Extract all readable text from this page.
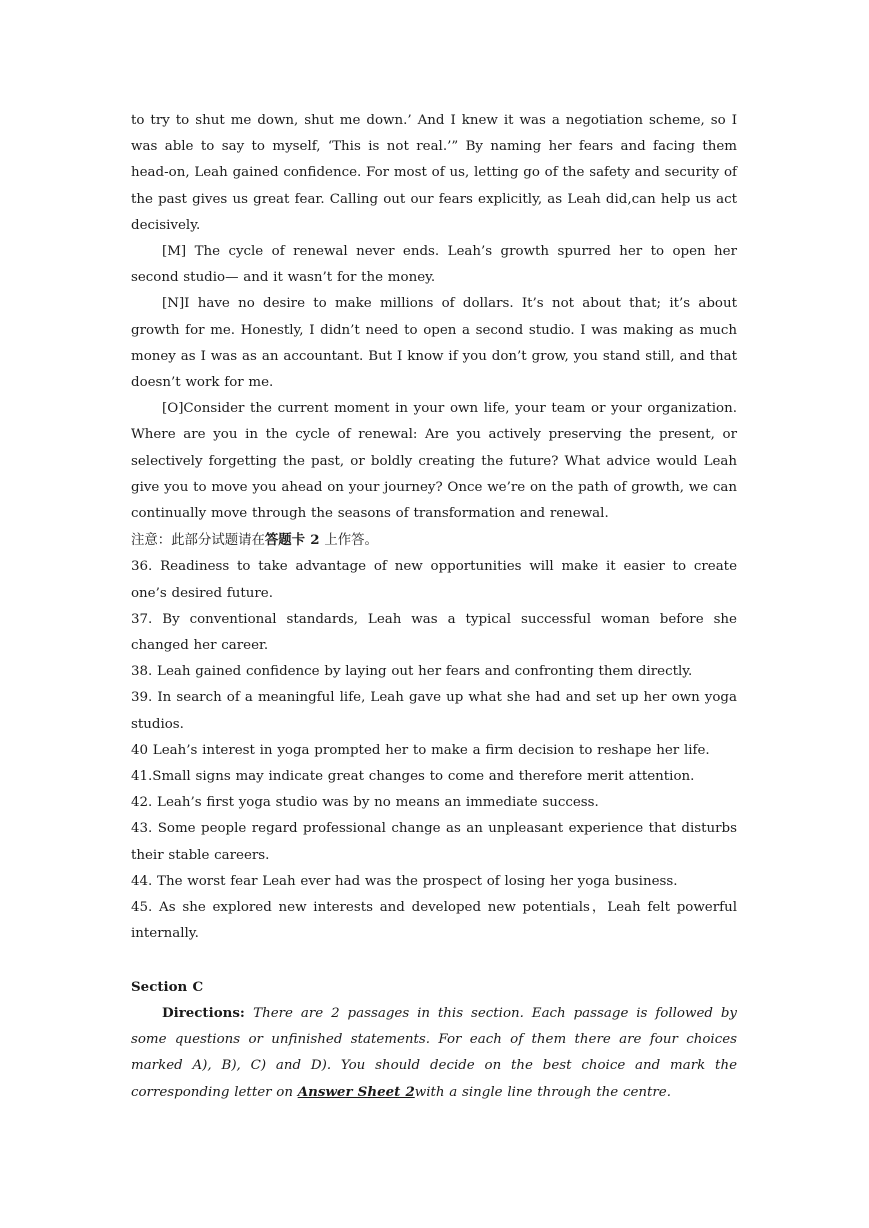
to try to shut me down, shut me down.’ And I knew it was a negotiation scheme, so I was able to say to myself, ‘This is not real.’” By naming her fears and facing them head-on, Leah gained confidence. For most of us, letting go of the safety and security of the past gives us great fear. Calling out our fears explicitly, as Leah did,can help us act decisively.

[M] The cycle of renewal never ends. Leah’s growth spurred her to open her second studio— and it wasn’t for the money.

[N]I have no desire to make millions of dollars. It’s not about that; it’s about growth for me. Honestly, I didn’t need to open a second studio. I was making as much money as I was as an accountant. But I know if you don’t grow, you stand still, and that doesn’t work for me.

[O]Consider the current moment in your own life, your team or your organization. Where are you in the cycle of renewal: Are you actively preserving the present, or selectively forgetting the past, or boldly creating the future? What advice would Leah give you to move you ahead on your journey? Once we’re on the path of growth, we can continually move through the seasons of transformation and renewal.

注意：此部分试题请在答题卡 2 上作答。

36. Readiness to take advantage of new opportunities will make it easier to create one’s desired future.

37. By conventional standards, Leah was a typical successful woman before she changed her career.

38. Leah gained confidence by laying out her fears and confronting them directly.

39. In search of a meaningful life, Leah gave up what she had and set up her own yoga studios.

40 Leah’s interest in yoga prompted her to make a firm decision to reshape her life.

41.Small signs may indicate great changes to come and therefore merit attention.

42. Leah’s first yoga studio was by no means an immediate success.

43. Some people regard professional change as an unpleasant experience that disturbs their stable careers.

44. The worst fear Leah ever had was the prospect of losing her yoga business.

45. As she explored new interests and developed new potentials，Leah felt powerful internally.

Section C

Directions: There are 2 passages in this section. Each passage is followed by some questions or unfinished statements. For each of them there are four choices marked A), B), C) and D). You should decide on the best choice and mark the corresponding letter on Answer Sheet 2with a single line through the centre.
